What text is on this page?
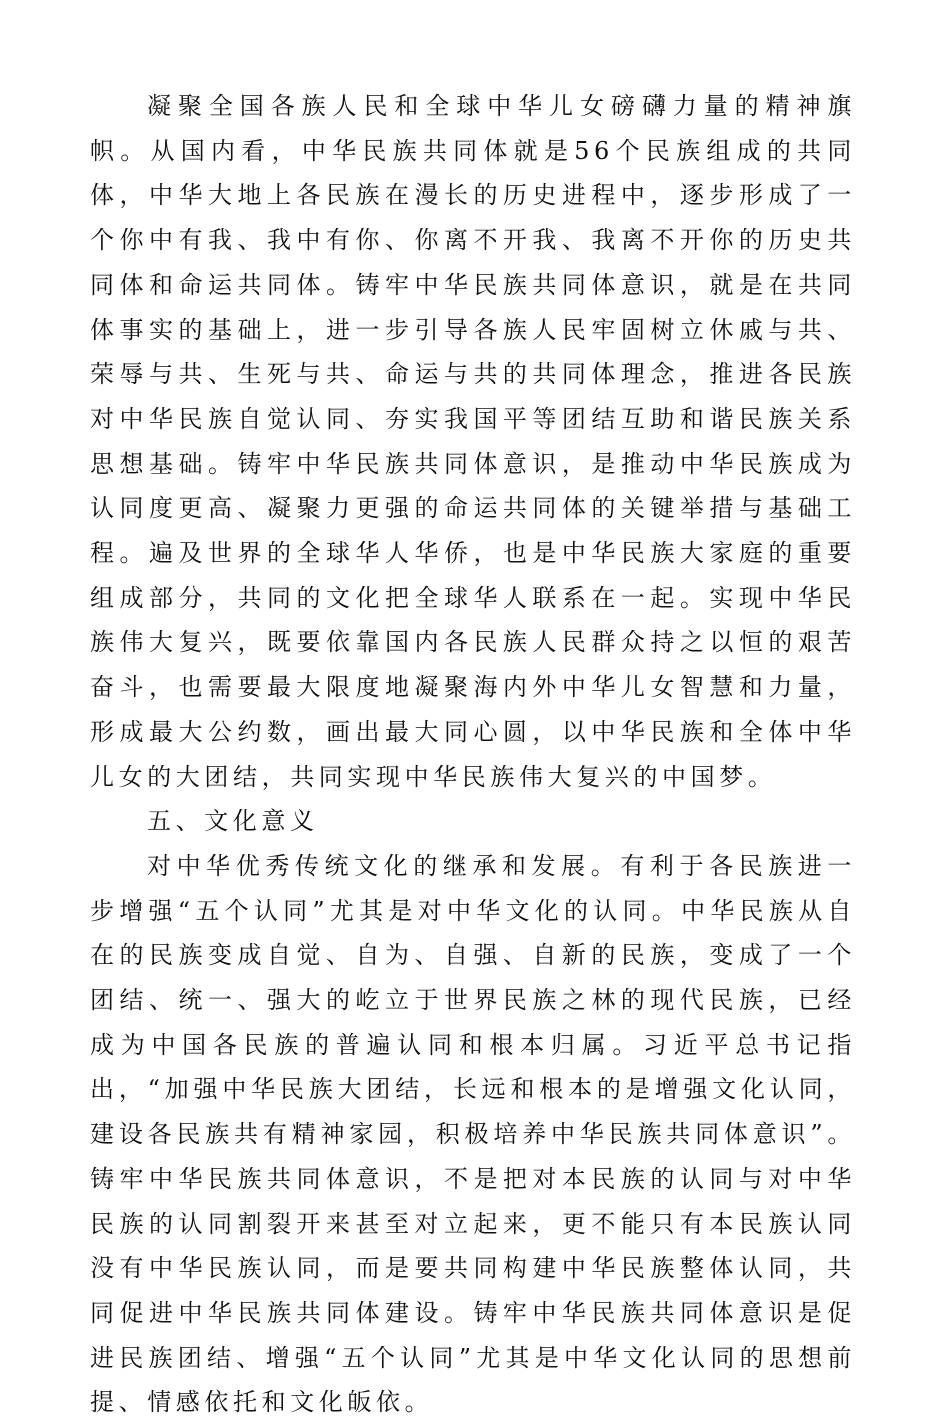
凝聚全国各族人民和全球中华儿女磅礴力量的精神旗帜。从国内看，中华民族共同体就是56个民族组成的共同体，中华大地上各民族在漫长的历史进程中，逐步形成了一个你中有我、我中有你、你离不开我、我离不开你的历史共同体和命运共同体。铸牢中华民族共同体意识，就是在共同体事实的基础上，进一步引导各族人民牢固树立休戚与共、荣辱与共、生死与共、命运与共的共同体理念，推进各民族对中华民族自觉认同、夯实我国平等团结互助和谐民族关系思想基础。铸牢中华民族共同体意识，是推动中华民族成为认同度更高、凝聚力更强的命运共同体的关键举措与基础工程。遍及世界的全球华人华侨，也是中华民族大家庭的重要组成部分，共同的文化把全球华人联系在一起。实现中华民族伟大复兴，既要依靠国内各民族人民群众持之以恒的艰苦奋斗，也需要最大限度地凝聚海内外中华儿女智慧和力量，形成最大公约数，画出最大同心圆，以中华民族和全体中华儿女的大团结，共同实现中华民族伟大复兴的中国梦。

五、文化意义

对中华优秀传统文化的继承和发展。有利于各民族进一步增强“五个认同”尤其是对中华文化的认同。中华民族从自在的民族变成自觉、自为、自强、自新的民族，变成了一个团结、统一、强大的屹立于世界民族之林的现代民族，已经成为中国各民族的普遍认同和根本归属。习近平总书记指出，“加强中华民族大团结，长远和根本的是增强文化认同，建设各民族共有精神家园，积极培养中华民族共同体意识”。铸牢中华民族共同体意识，不是把对本民族的认同与对中华民族的认同割裂开来甚至对立起来，更不能只有本民族认同没有中华民族认同，而是要共同构建中华民族整体认同，共同促进中华民族共同体建设。铸牢中华民族共同体意识是促进民族团结、增强“五个认同”尤其是中华文化认同的思想前提、情感依托和文化皈依。
